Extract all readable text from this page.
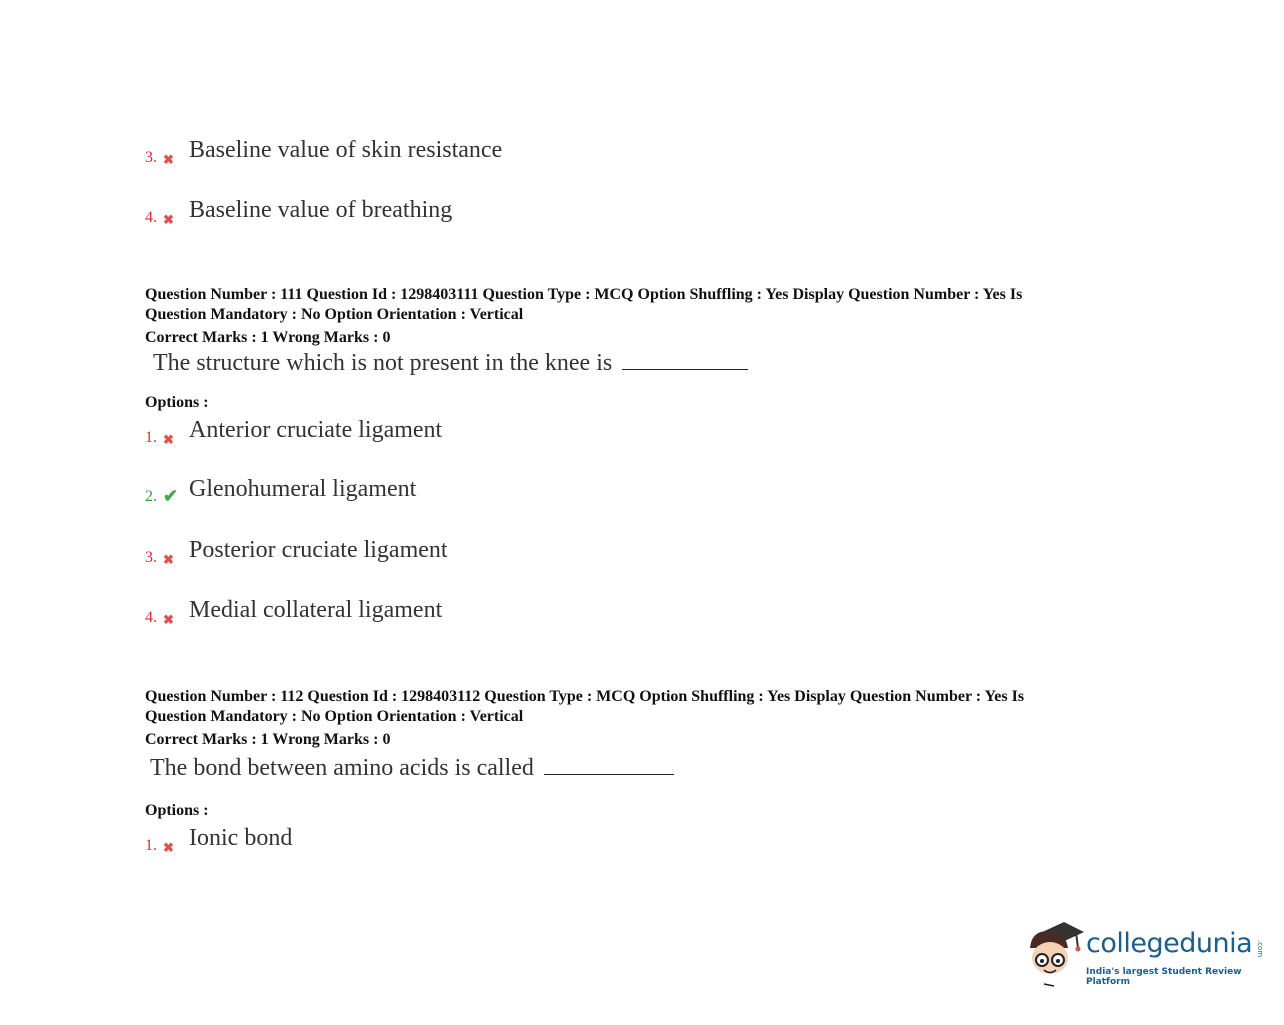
3. ✖ Baseline value of skin resistance
4. ✖ Baseline value of breathing
Question Number : 111 Question Id : 1298403111 Question Type : MCQ Option Shuffling : Yes Display Question Number : Yes Is
Question Mandatory : No Option Orientation : Vertical
Correct Marks : 1 Wrong Marks : 0
The structure which is not present in the knee is
Options :
1. ✖ Anterior cruciate ligament
2. ✔ Glenohumeral ligament
3. ✖ Posterior cruciate ligament
4. ✖ Medial collateral ligament
Question Number : 112 Question Id : 1298403112 Question Type : MCQ Option Shuffling : Yes Display Question Number : Yes Is
Question Mandatory : No Option Orientation : Vertical
Correct Marks : 1 Wrong Marks : 0
The bond between amino acids is called
Options :
1. ✖ Ionic bond
collegedunia .com
India's largest Student Review Platform
